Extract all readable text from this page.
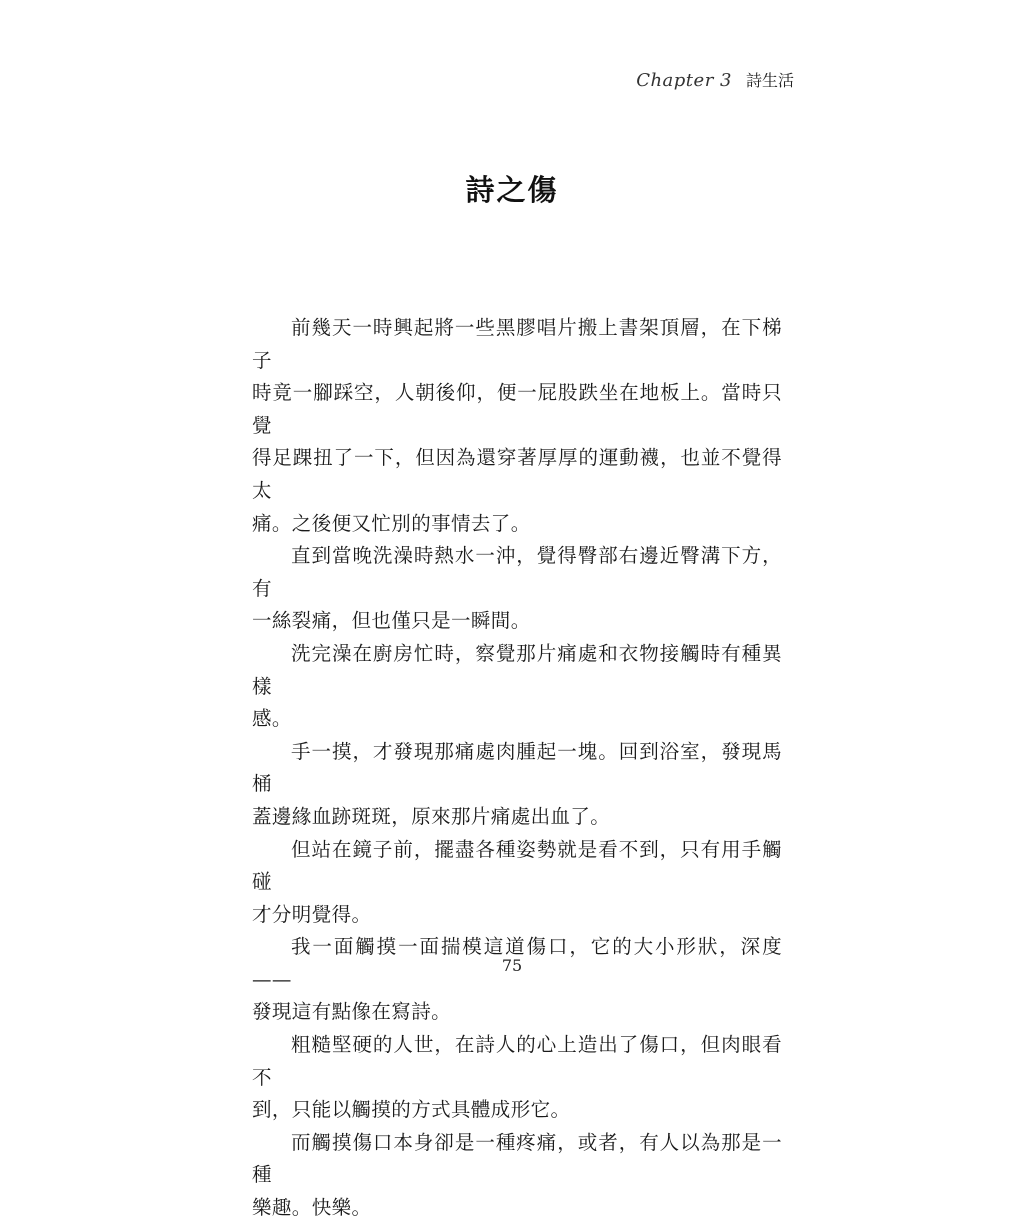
Chapter 3 詩生活
詩之傷

前幾天一時興起將一些黑膠唱片搬上書架頂層，在下梯子
時竟一腳踩空，人朝後仰，便一屁股跌坐在地板上。當時只覺
得足踝扭了一下，但因為還穿著厚厚的運動襪，也並不覺得太
痛。之後便又忙別的事情去了。

直到當晚洗澡時熱水一沖，覺得臀部右邊近臀溝下方，有
一絲裂痛，但也僅只是一瞬間。

洗完澡在廚房忙時，察覺那片痛處和衣物接觸時有種異樣
感。

手一摸，才發現那痛處肉腫起一塊。回到浴室，發現馬桶
蓋邊緣血跡斑斑，原來那片痛處出血了。

但站在鏡子前，擺盡各種姿勢就是看不到，只有用手觸碰
才分明覺得。

我一面觸摸一面揣模這道傷口，它的大小形狀，深度——
發現這有點像在寫詩。

粗糙堅硬的人世，在詩人的心上造出了傷口，但肉眼看不
到，只能以觸摸的方式具體成形它。

而觸摸傷口本身卻是一種疼痛，或者，有人以為那是一種
樂趣。快樂。

75
